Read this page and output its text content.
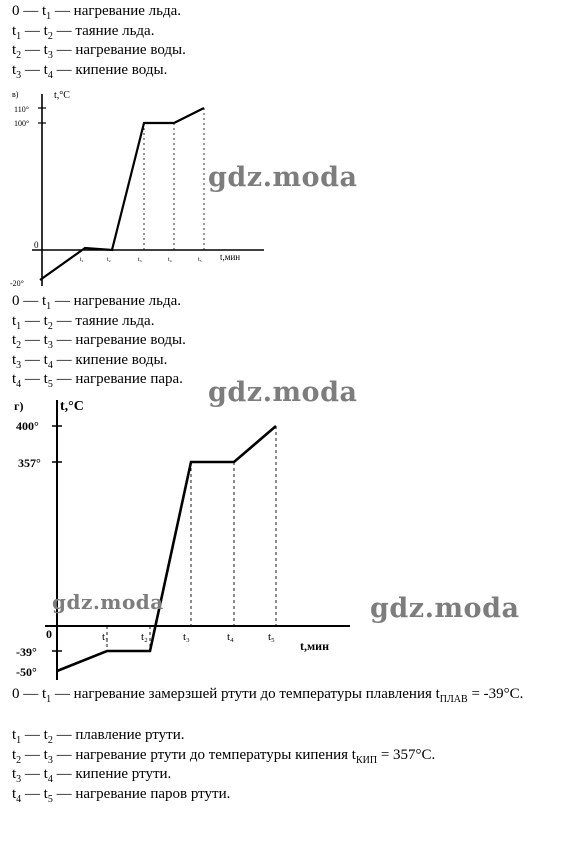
0 — $t_1$ — нагревание льда.
$t_1$ — $t_2$ — таяние льда.
$t_2$ — $t_3$ — нагревание воды.
$t_3$ — $t_4$ — кипение воды.
в)	t,°C
t,мин
110°
100°
0
-20°
t₁	t₂	t₃	t₄	t₅
gdz.moda
0 — $t_1$ — нагревание льда.
$t_1$ — $t_2$ — таяние льда.
$t_2$ — $t_3$ — нагревание воды.
$t_3$ — $t_4$ — кипение воды.
$t_4$ — $t_5$ — нагревание пара. gdz.moda
г)	t,°C
t,мин
400°
357°
0
-39°
-50°
t₁	t₂	t₃	t₄	t₅
gdz.moda	gdz.moda
0 — $t_1$ — нагревание замерзшей ртути до температуры плавления $t_{ПЛАВ} = -39^\circ С$.
$t_1$ — $t_2$ — плавление ртути.
$t_2$ — $t_3$ — нагревание ртути до температуры кипения $t_{КИП} = 357^\circ С$.
$t_3$ — $t_4$ — кипение ртути.
$t_4$ — $t_5$ — нагревание паров ртути.
